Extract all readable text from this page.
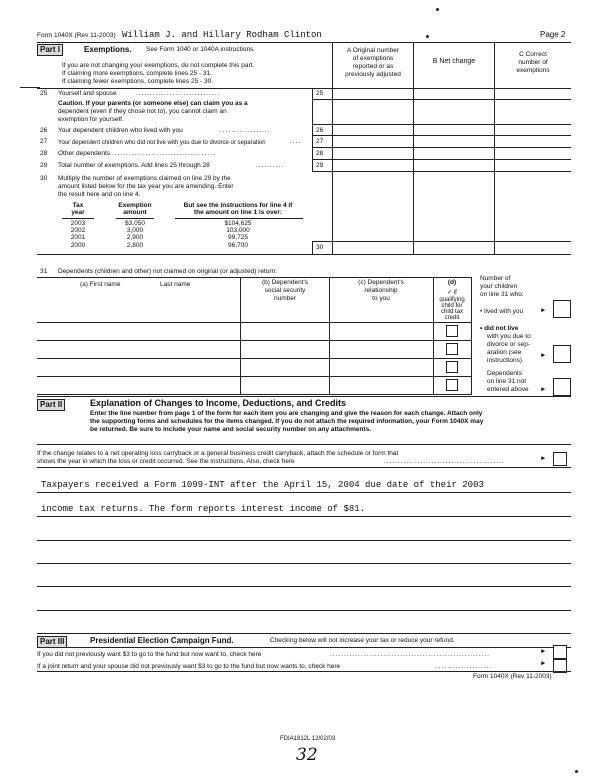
Form 1040X (Rev 11-2003) William J. and Hillary Rodham Clinton	Page 2
Part I	Exemptions. See Form 1040 or 1040A instructions.
If you are not changing your exemptions, do not complete this part.
If claiming more exemptions, complete lines 25 - 31.
If claiming fewer exemptions, complete lines 25 - 30.
A Original number
of exemptions
reported or as
previously adjusted
B Net change
C Correct
number of
exemptions
25 Yourself and spouse	..............................	25
Caution. If your parents (or someone else) can claim you as a
dependent (even if they chose not to), you cannot claim an
exemption for yourself.
26 Your dependent children who lived with you	..................	26
27 Your dependent children who did not live with you due to divorce or separation	.... 27
28 Other dependents .....................................	28
29 Total number of exemptions. Add lines 25 through 28	..........	29
30 Multiply the number of exemptions claimed on line 29 by the
amount listed below for the tax year you are amending. Enter
the result here and on line 4.
Tax
year
Exemption
amount
But see the instructions for line 4 if
the amount on line 1 is over:
2003	$3,050	$104,625
2002	3,000	103,000
2001	2,900	99,725
2000	2,800	96,700	30
31 Dependents (children and other) not claimed on original (or adjusted) return:
(a) First name	Last name	(b) Dependent's
social security
number
(c) Dependent's
relationship
to you
(d)
✓ if
qualifying
child for
child tax
credit
Number of
your children
on line 31 who:
• lived with you	►
• did not live
with you due to
divorce or sep-
aration (see
instructions).
►
Dependents
on line 31 not
entered above ►
Part II	Explanation of Changes to Income, Deductions, and Credits
Enter the line number from page 1 of the form for each item you are changing and give the reason for each change. Attach only
the supporting forms and schedules for the items changed. If you do not attach the required information, your Form 1040X may
be returned. Be sure to include your name and social security number on any attachments.
If the change relates to a net operating loss carryback or a general business credit carryback, attach the schedule or form that
shows the year in which the loss or credit occurred. See the instructions. Also, check here	...........................................	►
Taxpayers received a Form 1099-INT after the April 15, 2004 due date of their 2003
income tax returns. The form reports interest income of $81.
Part III	Presidential Election Campaign Fund.	Checking below will not increase your tax or reduce your refund.
If you did not previously want $3 to go to the fund but now want to, check here	.........................................................	►
If a joint return and your spouse did not previously want $3 to go to the fund but now wants to, check here	....................	►
Form 1040X (Rev 11-2003)
FDIA1812L 12/02/03
32
